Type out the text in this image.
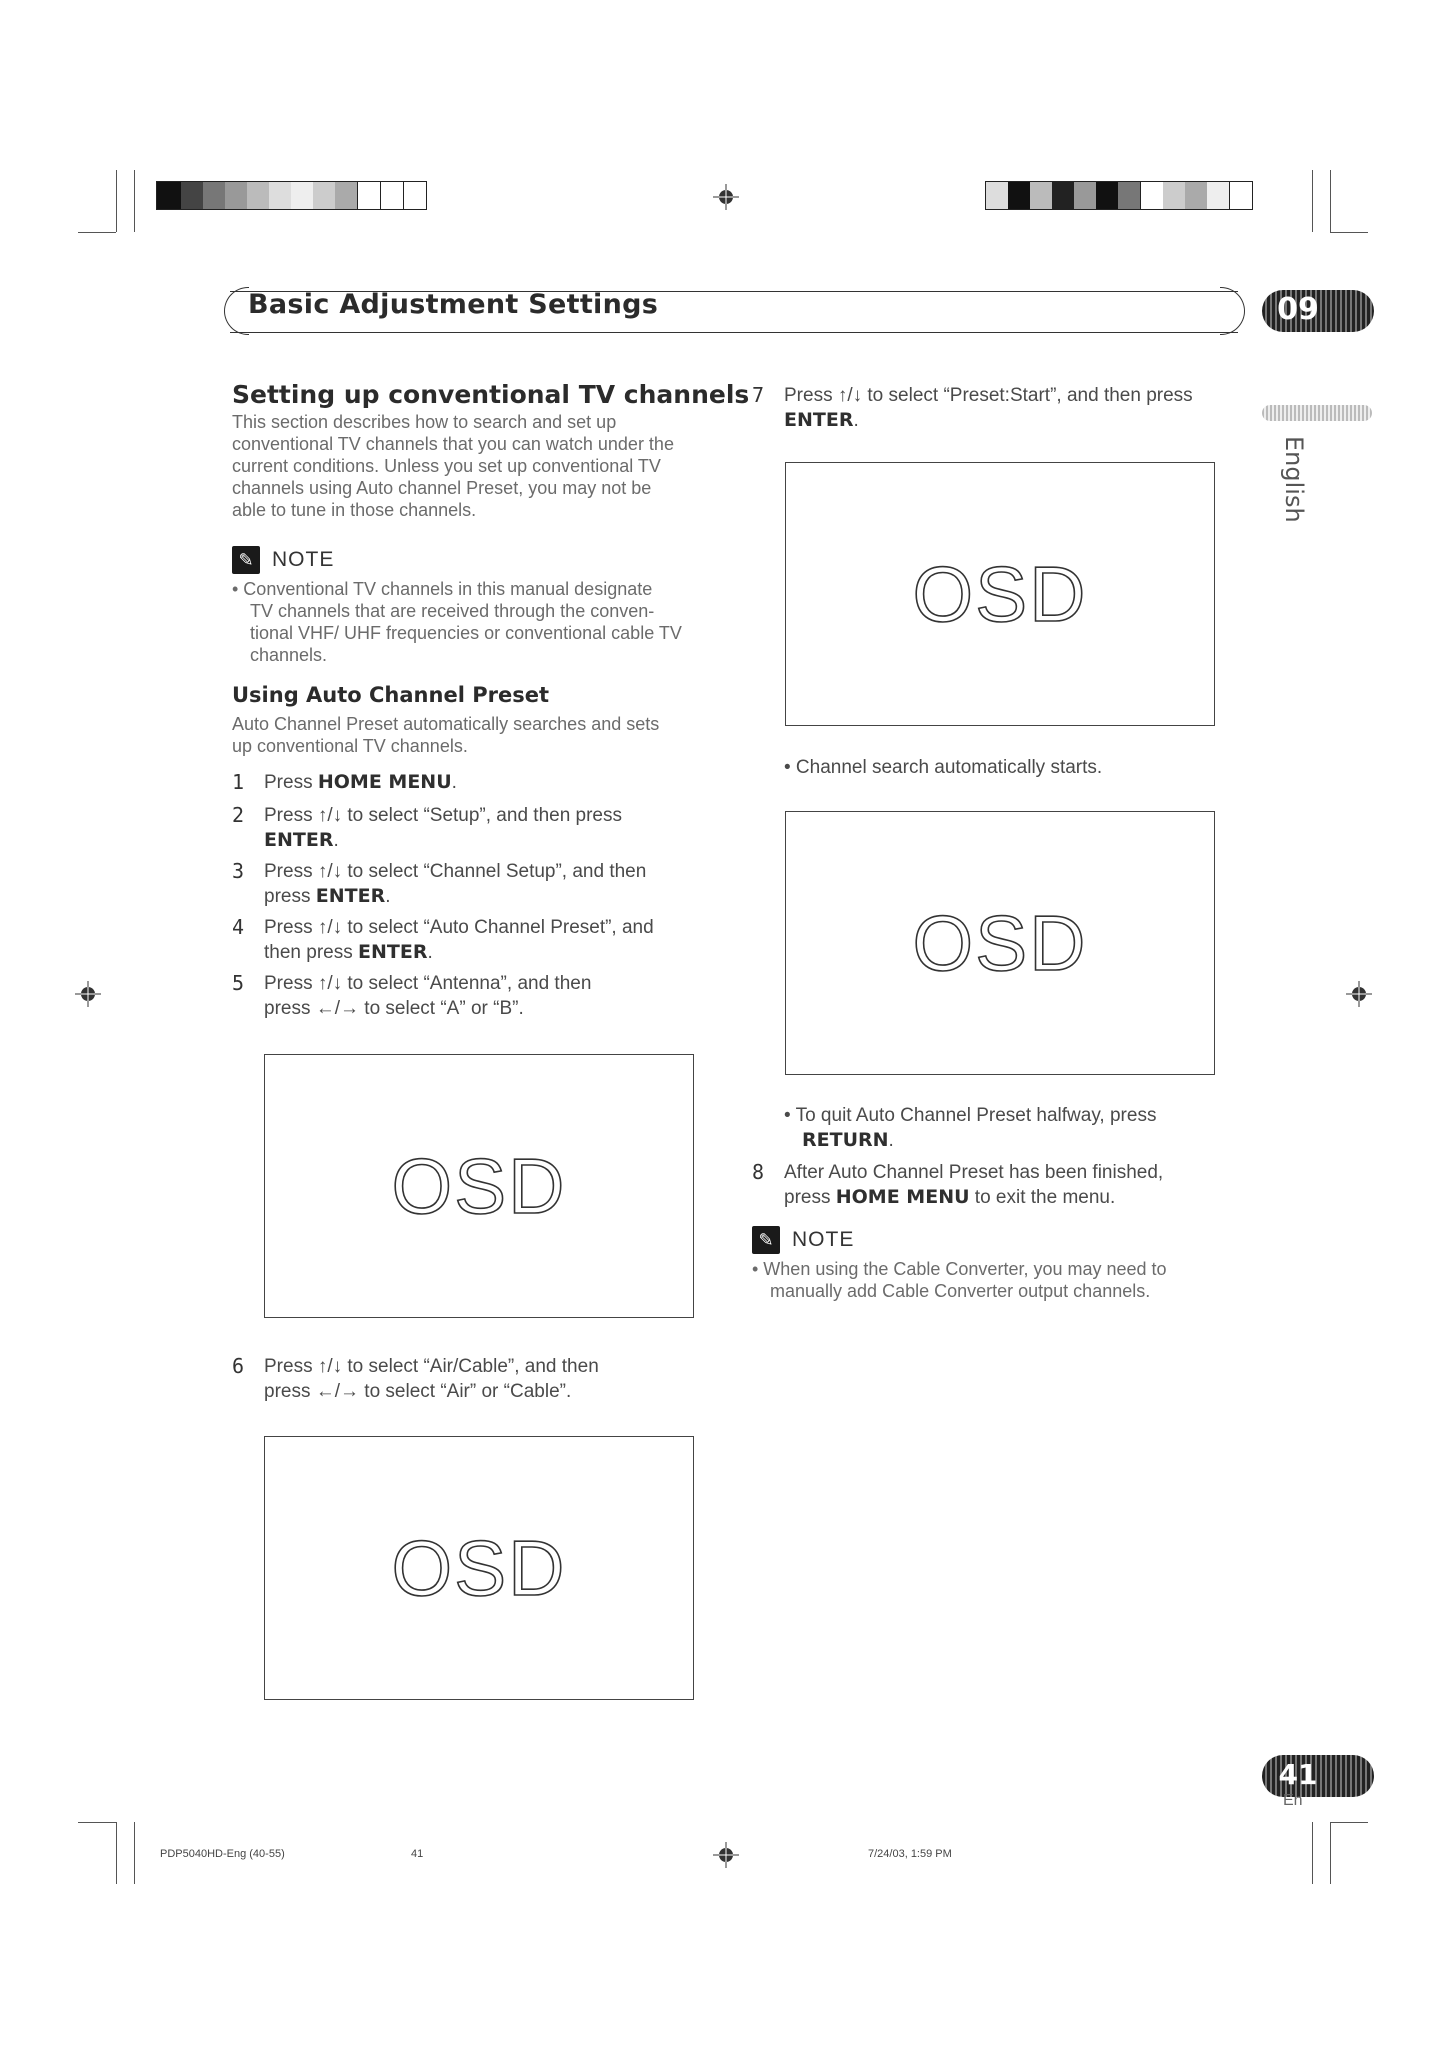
Basic Adjustment Settings	09
English
Setting up conventional TV channels
This section describes how to search and set up
conventional TV channels that you can watch under the
current conditions. Unless you set up conventional TV
channels using Auto channel Preset, you may not be
able to tune in those channels.
✎ NOTE
• Conventional TV channels in this manual designate
TV channels that are received through the conven-
tional VHF/ UHF frequencies or conventional cable TV
channels.
Using Auto Channel Preset
Auto Channel Preset automatically searches and sets
up conventional TV channels.
1 Press HOME MENU.
2 Press ↑/↓ to select “Setup”, and then press
ENTER.
3 Press ↑/↓ to select “Channel Setup”, and then
press ENTER.
4 Press ↑/↓ to select “Auto Channel Preset”, and
then press ENTER.
5 Press ↑/↓ to select “Antenna”, and then
press ←/→ to select “A” or “B”.
OSD
6 Press ↑/↓ to select “Air/Cable”, and then
press ←/→ to select “Air” or “Cable”.
OSD
7 Press ↑/↓ to select “Preset:Start”, and then press
ENTER.
OSD
• Channel search automatically starts.
OSD
• To quit Auto Channel Preset halfway, press
RETURN.
8 After Auto Channel Preset has been finished,
press HOME MENU to exit the menu.
✎ NOTE
• When using the Cable Converter, you may need to
manually add Cable Converter output channels.
41
En
PDP5040HD-Eng (40-55)	41	7/24/03, 1:59 PM
